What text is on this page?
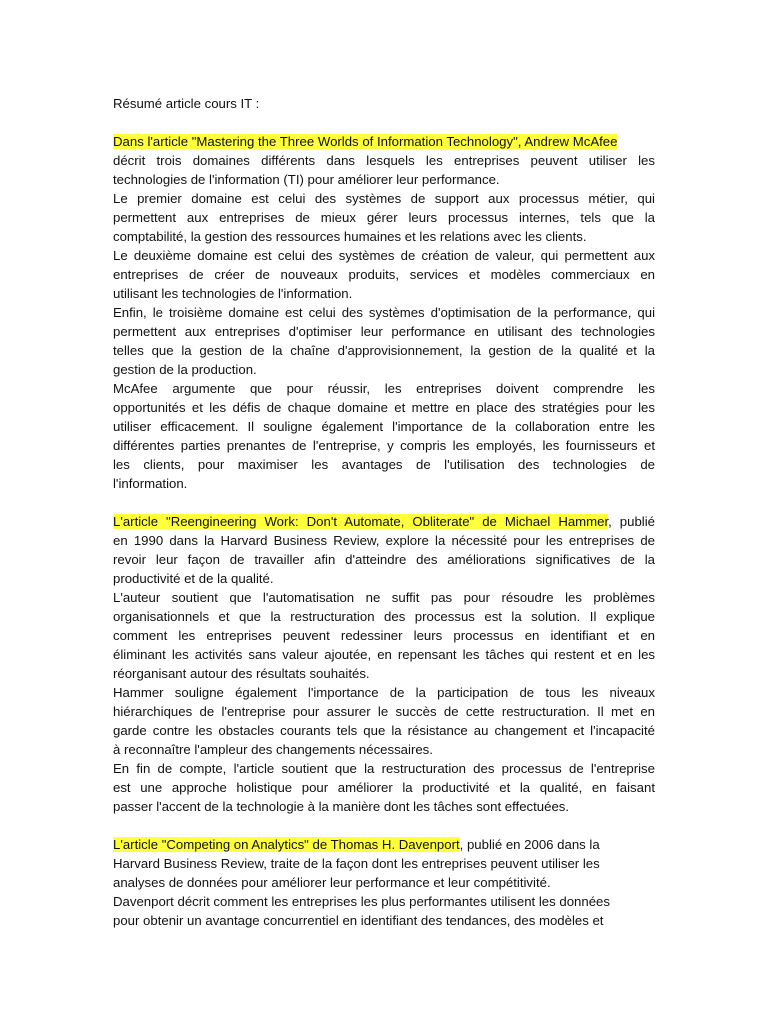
Résumé article cours IT :
Dans l'article "Mastering the Three Worlds of Information Technology", Andrew McAfee
décrit trois domaines différents dans lesquels les entreprises peuvent utiliser les
technologies de l'information (TI) pour améliorer leur performance.
Le premier domaine est celui des systèmes de support aux processus métier, qui
permettent aux entreprises de mieux gérer leurs processus internes, tels que la
comptabilité, la gestion des ressources humaines et les relations avec les clients.
Le deuxième domaine est celui des systèmes de création de valeur, qui permettent aux
entreprises de créer de nouveaux produits, services et modèles commerciaux en
utilisant les technologies de l'information.
Enfin, le troisième domaine est celui des systèmes d'optimisation de la performance, qui
permettent aux entreprises d'optimiser leur performance en utilisant des technologies
telles que la gestion de la chaîne d'approvisionnement, la gestion de la qualité et la
gestion de la production.
McAfee argumente que pour réussir, les entreprises doivent comprendre les
opportunités et les défis de chaque domaine et mettre en place des stratégies pour les
utiliser efficacement. Il souligne également l'importance de la collaboration entre les
différentes parties prenantes de l'entreprise, y compris les employés, les fournisseurs et
les clients, pour maximiser les avantages de l'utilisation des technologies de
l'information.
L'article "Reengineering Work: Don't Automate, Obliterate" de Michael Hammer, publié
en 1990 dans la Harvard Business Review, explore la nécessité pour les entreprises de
revoir leur façon de travailler afin d'atteindre des améliorations significatives de la
productivité et de la qualité.
L'auteur soutient que l'automatisation ne suffit pas pour résoudre les problèmes
organisationnels et que la restructuration des processus est la solution. Il explique
comment les entreprises peuvent redessiner leurs processus en identifiant et en
éliminant les activités sans valeur ajoutée, en repensant les tâches qui restent et en les
réorganisant autour des résultats souhaités.
Hammer souligne également l'importance de la participation de tous les niveaux
hiérarchiques de l'entreprise pour assurer le succès de cette restructuration. Il met en
garde contre les obstacles courants tels que la résistance au changement et l'incapacité
à reconnaître l'ampleur des changements nécessaires.
En fin de compte, l'article soutient que la restructuration des processus de l'entreprise
est une approche holistique pour améliorer la productivité et la qualité, en faisant
passer l'accent de la technologie à la manière dont les tâches sont effectuées.
L'article "Competing on Analytics" de Thomas H. Davenport, publié en 2006 dans la
Harvard Business Review, traite de la façon dont les entreprises peuvent utiliser les
analyses de données pour améliorer leur performance et leur compétitivité.
Davenport décrit comment les entreprises les plus performantes utilisent les données
pour obtenir un avantage concurrentiel en identifiant des tendances, des modèles et
